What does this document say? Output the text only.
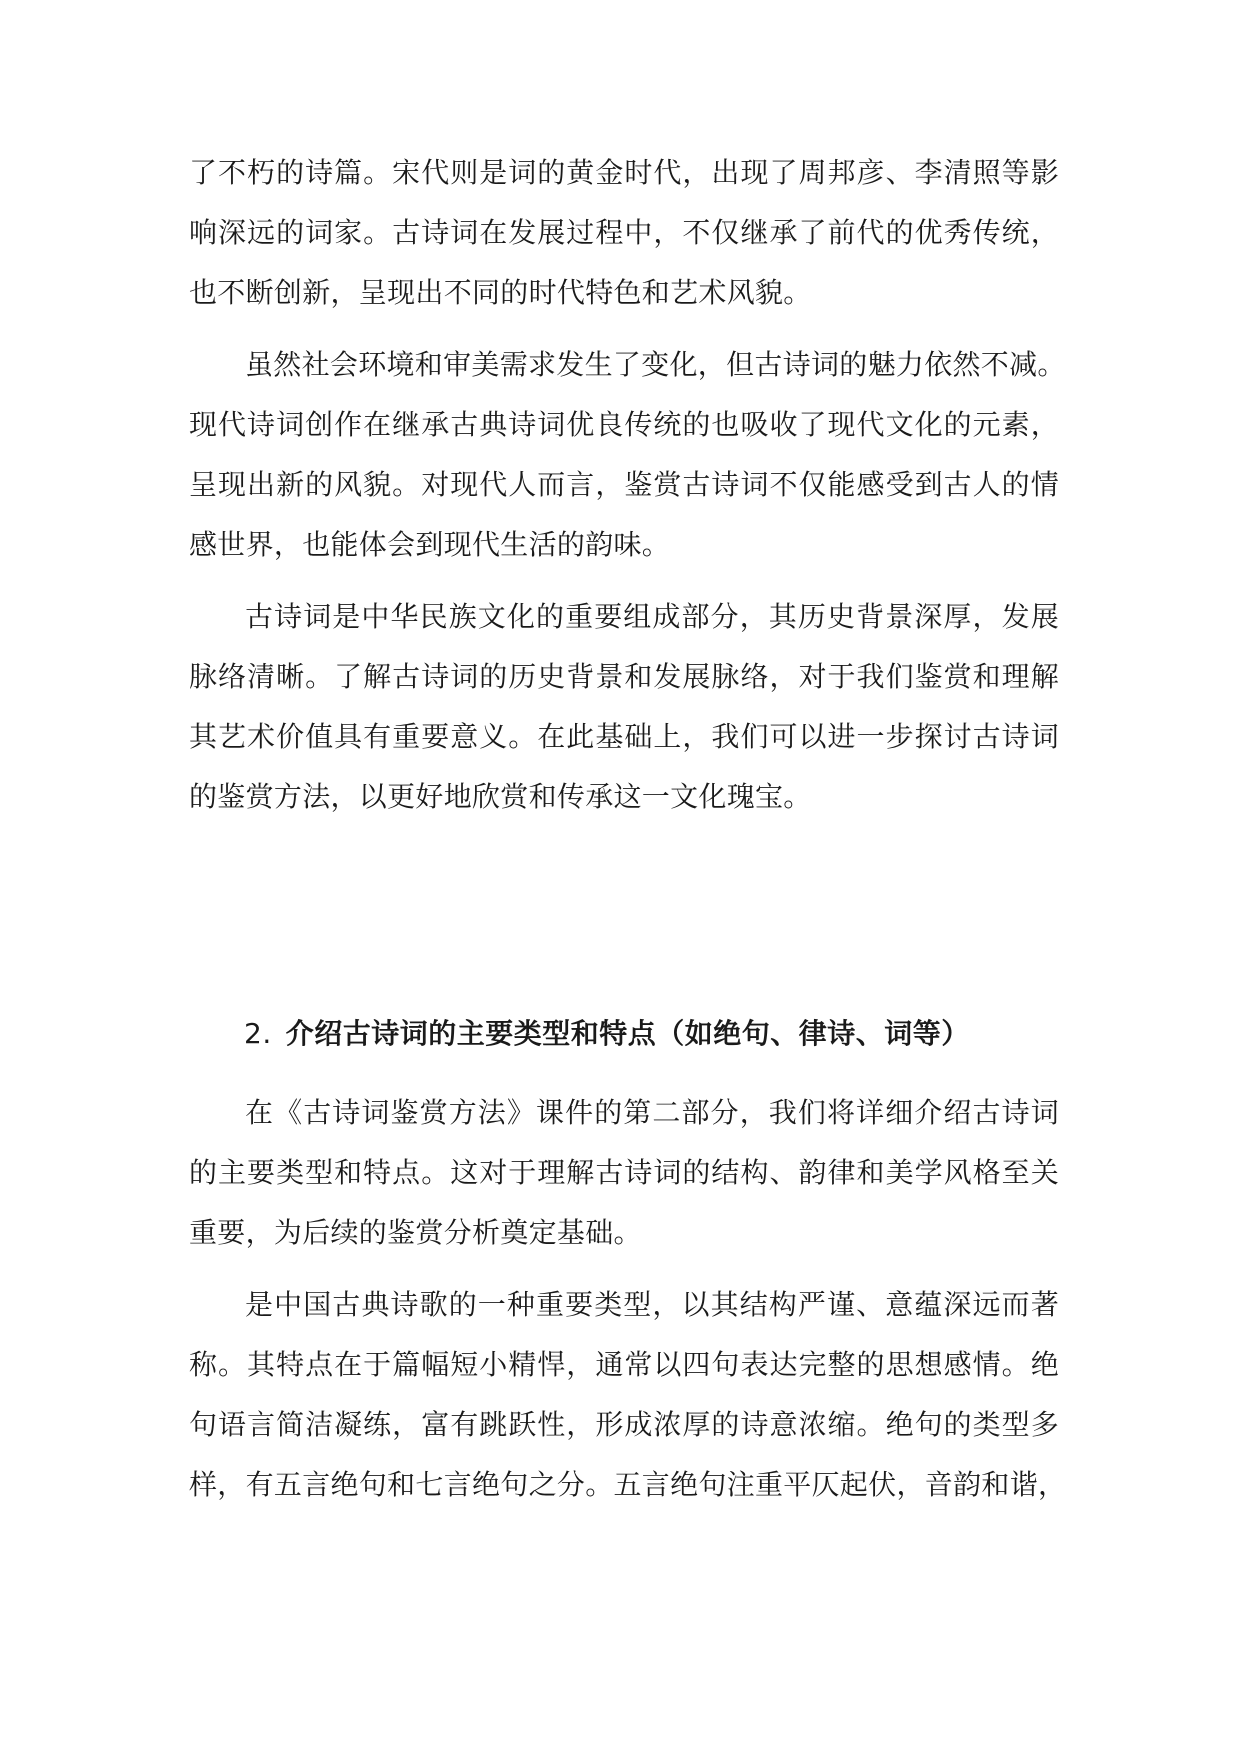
了不朽的诗篇。宋代则是词的黄金时代，出现了周邦彦、李清照等影
响深远的词家。古诗词在发展过程中，不仅继承了前代的优秀传统，
也不断创新，呈现出不同的时代特色和艺术风貌。
虽然社会环境和审美需求发生了变化，但古诗词的魅力依然不减。
现代诗词创作在继承古典诗词优良传统的也吸收了现代文化的元素，
呈现出新的风貌。对现代人而言，鉴赏古诗词不仅能感受到古人的情
感世界，也能体会到现代生活的韵味。
古诗词是中华民族文化的重要组成部分，其历史背景深厚，发展
脉络清晰。了解古诗词的历史背景和发展脉络，对于我们鉴赏和理解
其艺术价值具有重要意义。在此基础上，我们可以进一步探讨古诗词
的鉴赏方法，以更好地欣赏和传承这一文化瑰宝。
2. 介绍古诗词的主要类型和特点（如绝句、律诗、词等）
在《古诗词鉴赏方法》课件的第二部分，我们将详细介绍古诗词
的主要类型和特点。这对于理解古诗词的结构、韵律和美学风格至关
重要，为后续的鉴赏分析奠定基础。
是中国古典诗歌的一种重要类型，以其结构严谨、意蕴深远而著
称。其特点在于篇幅短小精悍，通常以四句表达完整的思想感情。绝
句语言简洁凝练，富有跳跃性，形成浓厚的诗意浓缩。绝句的类型多
样，有五言绝句和七言绝句之分。五言绝句注重平仄起伏，音韵和谐，
